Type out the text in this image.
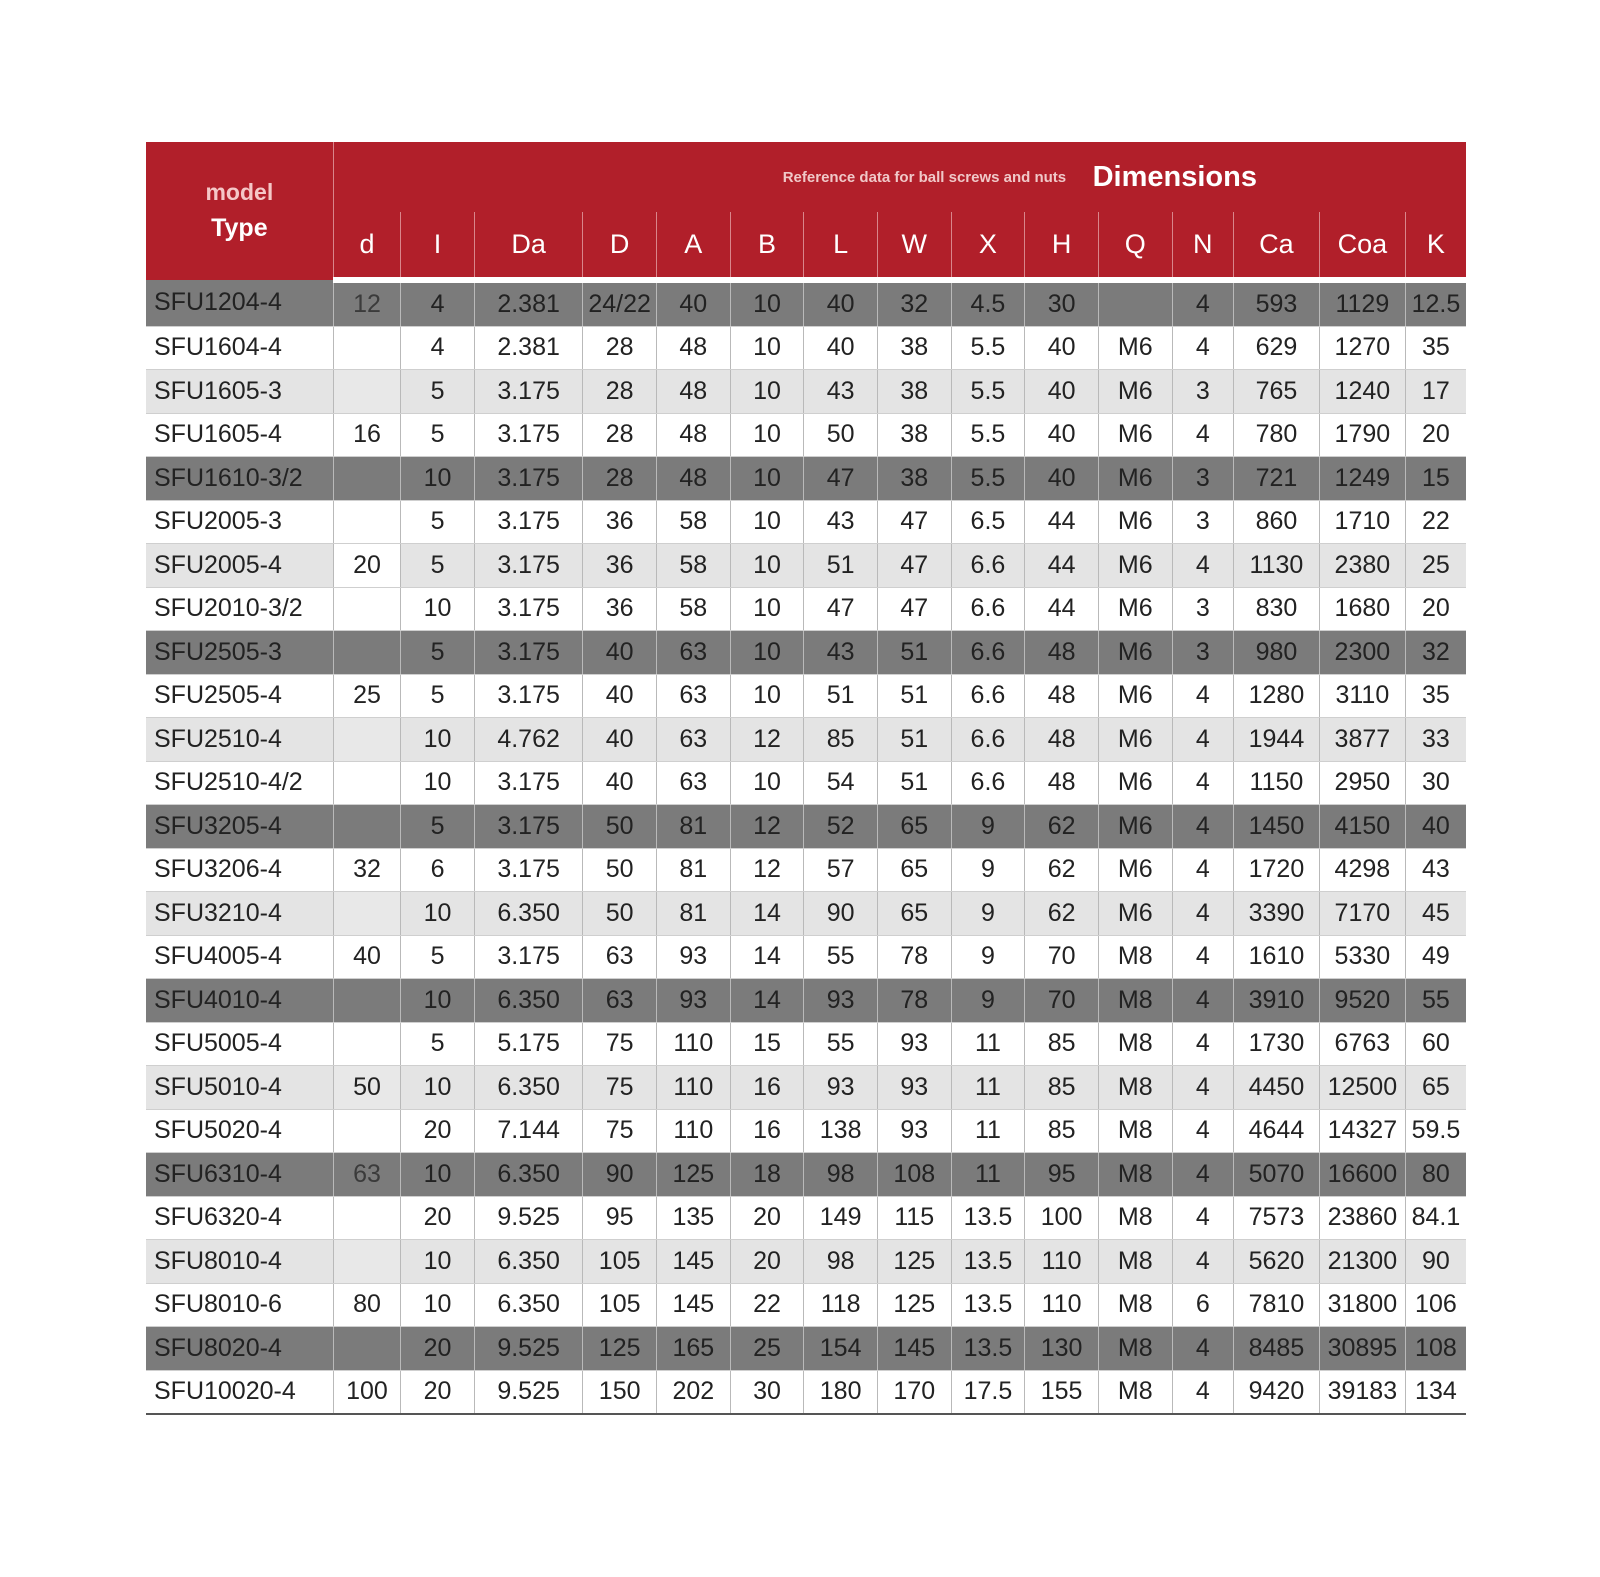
model
Type	Reference data for ball screws and nuts Dimensions														
	d	I	Da	D	A	B	L	W	X	H	Q	N	Ca	Coa	K
SFU1204-4	12	4	2.381	24/22	40	10	40	32	4.5	30		4	593	1129	12.5
SFU1604-4		4	2.381	28	48	10	40	38	5.5	40	M6	4	629	1270	35
SFU1605-3		5	3.175	28	48	10	43	38	5.5	40	M6	3	765	1240	17
SFU1605-4	16	5	3.175	28	48	10	50	38	5.5	40	M6	4	780	1790	20
SFU1610-3/2		10	3.175	28	48	10	47	38	5.5	40	M6	3	721	1249	15
SFU2005-3		5	3.175	36	58	10	43	47	6.5	44	M6	3	860	1710	22
SFU2005-4	20	5	3.175	36	58	10	51	47	6.6	44	M6	4	1130	2380	25
SFU2010-3/2		10	3.175	36	58	10	47	47	6.6	44	M6	3	830	1680	20
SFU2505-3		5	3.175	40	63	10	43	51	6.6	48	M6	3	980	2300	32
SFU2505-4	25	5	3.175	40	63	10	51	51	6.6	48	M6	4	1280	3110	35
SFU2510-4		10	4.762	40	63	12	85	51	6.6	48	M6	4	1944	3877	33
SFU2510-4/2		10	3.175	40	63	10	54	51	6.6	48	M6	4	1150	2950	30
SFU3205-4		5	3.175	50	81	12	52	65	9	62	M6	4	1450	4150	40
SFU3206-4	32	6	3.175	50	81	12	57	65	9	62	M6	4	1720	4298	43
SFU3210-4		10	6.350	50	81	14	90	65	9	62	M6	4	3390	7170	45
SFU4005-4	40	5	3.175	63	93	14	55	78	9	70	M8	4	1610	5330	49
SFU4010-4		10	6.350	63	93	14	93	78	9	70	M8	4	3910	9520	55
SFU5005-4		5	5.175	75	110	15	55	93	11	85	M8	4	1730	6763	60
SFU5010-4	50	10	6.350	75	110	16	93	93	11	85	M8	4	4450	12500	65
SFU5020-4		20	7.144	75	110	16	138	93	11	85	M8	4	4644	14327	59.5
SFU6310-4	63	10	6.350	90	125	18	98	108	11	95	M8	4	5070	16600	80
SFU6320-4		20	9.525	95	135	20	149	115	13.5	100	M8	4	7573	23860	84.1
SFU8010-4		10	6.350	105	145	20	98	125	13.5	110	M8	4	5620	21300	90
SFU8010-6	80	10	6.350	105	145	22	118	125	13.5	110	M8	6	7810	31800	106
SFU8020-4		20	9.525	125	165	25	154	145	13.5	130	M8	4	8485	30895	108
SFU10020-4	100	20	9.525	150	202	30	180	170	17.5	155	M8	4	9420	39183	134
